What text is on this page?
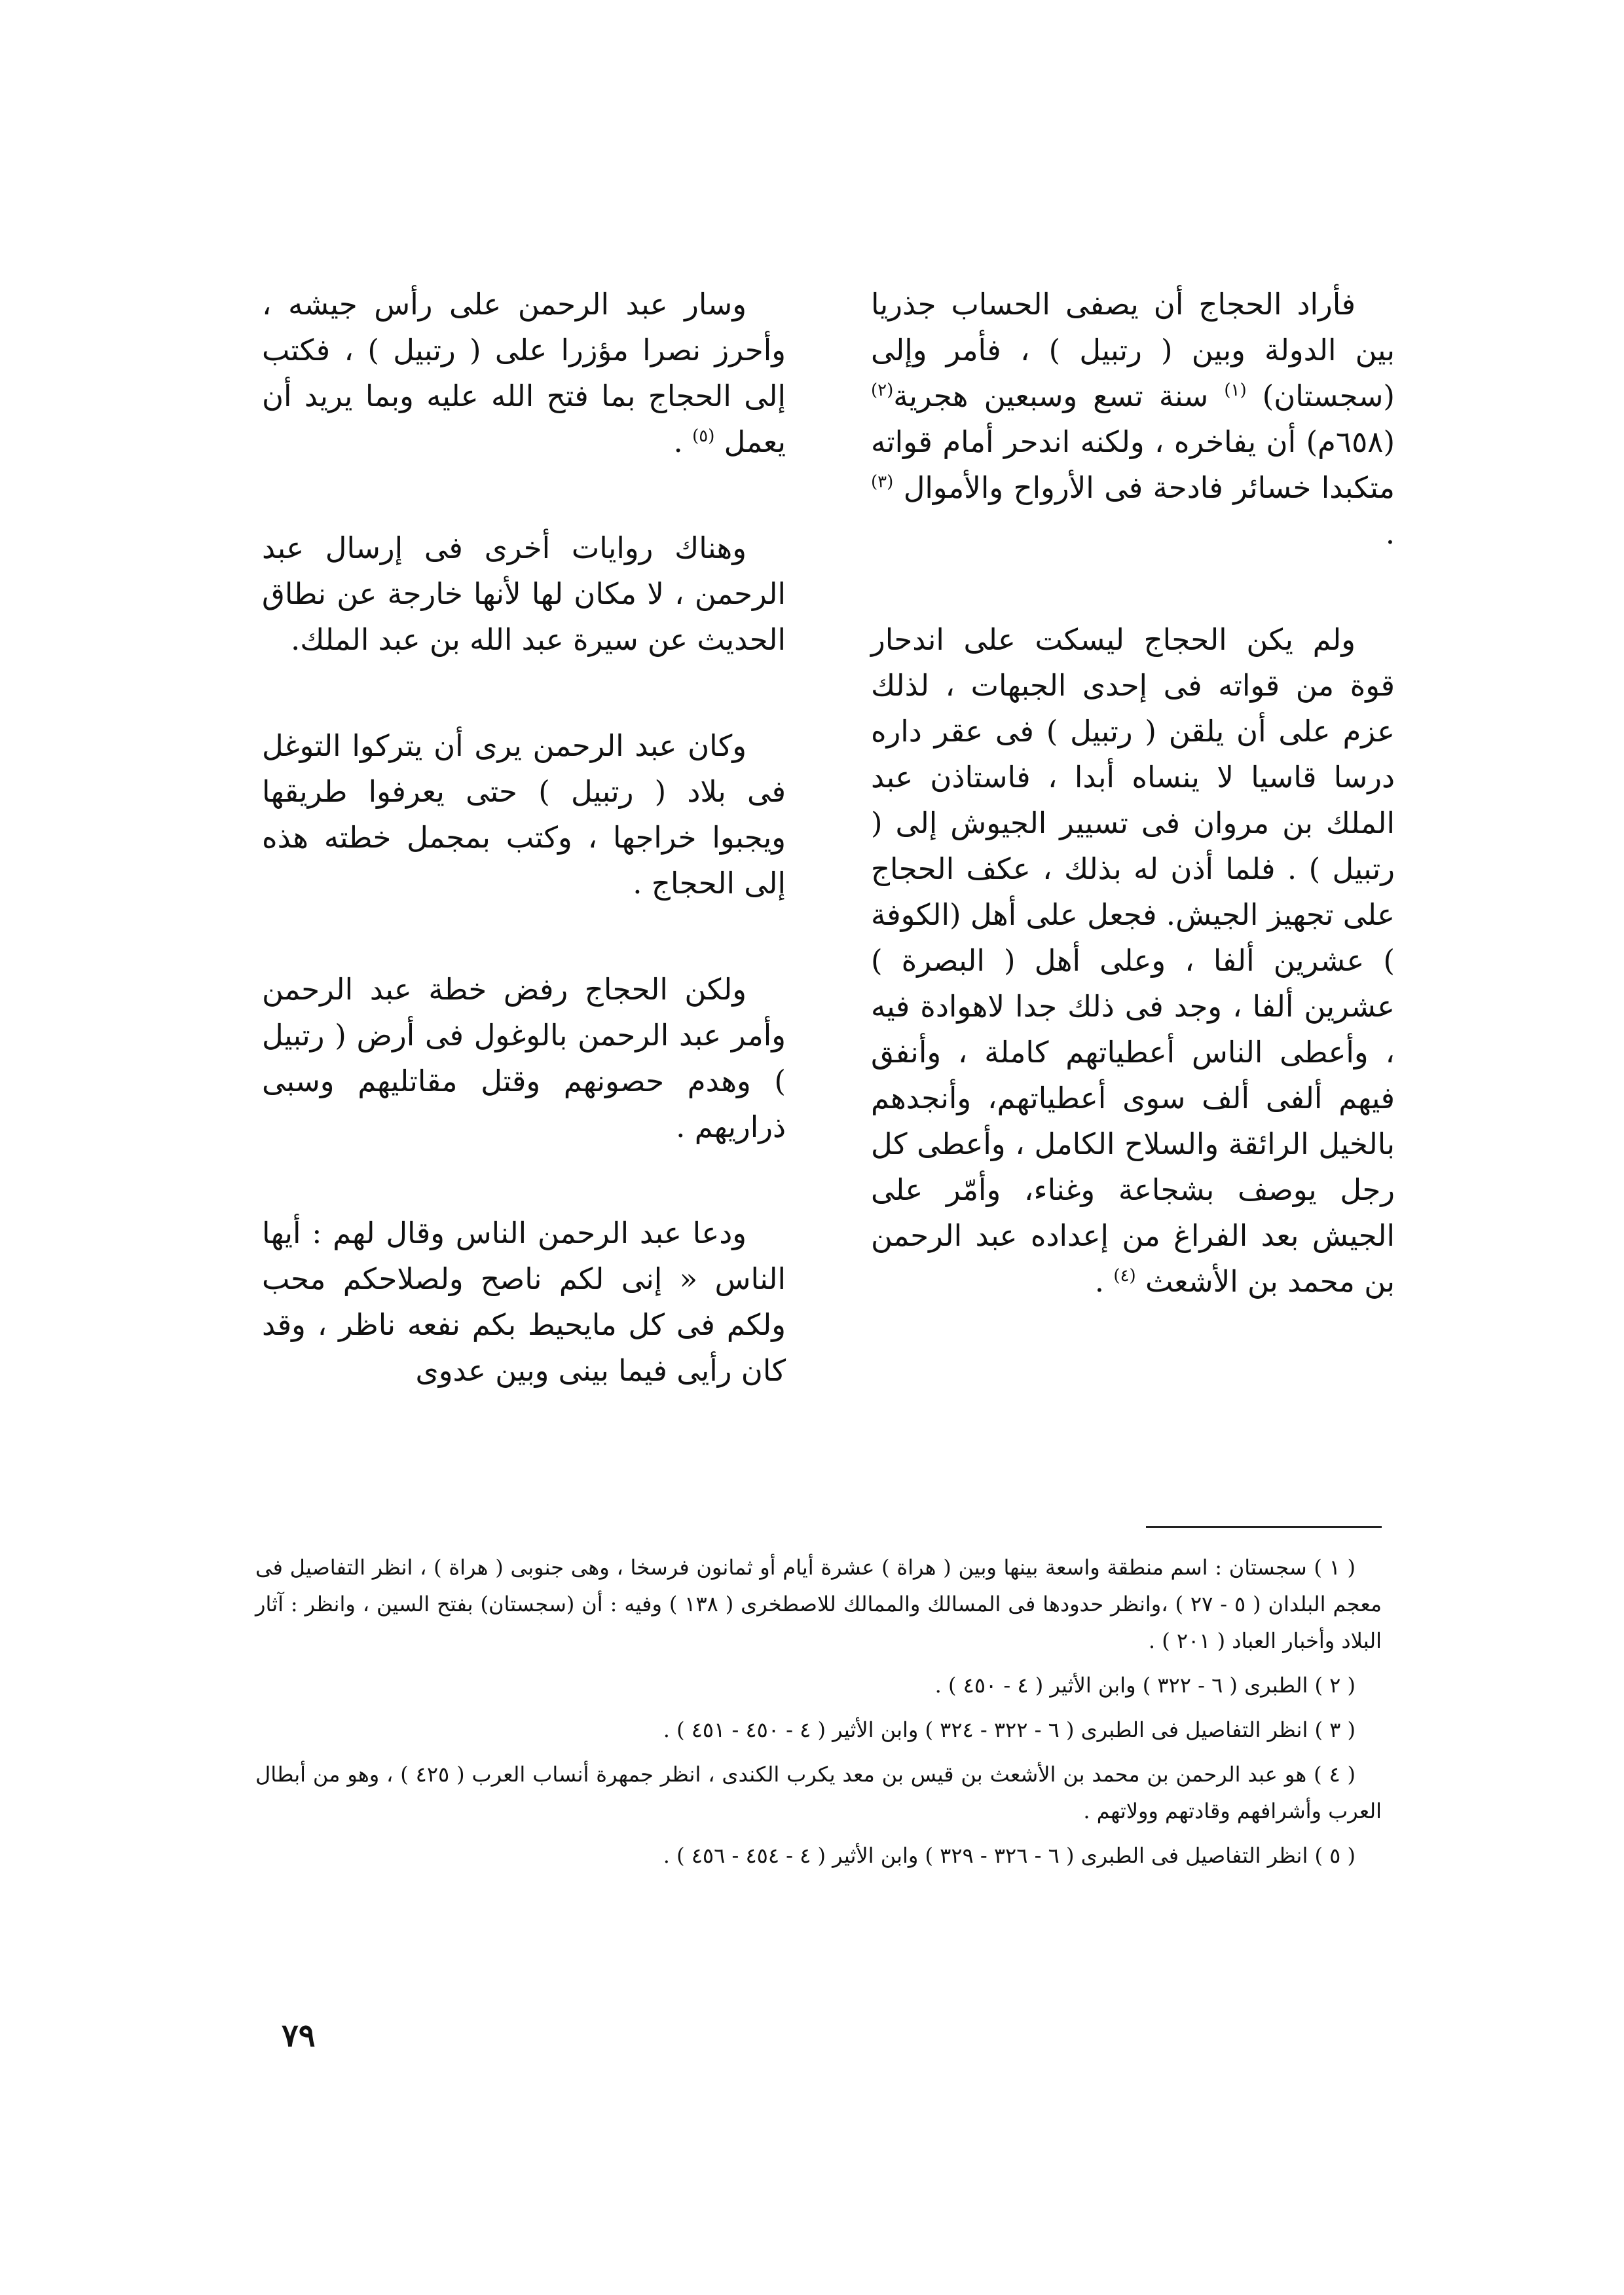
فأراد الحجاج أن يصفى الحساب جذريا بين الدولة وبين ( رتبيل ) ، فأمر وإلى (سجستان) $^{(١)}$ سنة تسع وسبعين هجرية$^{(٢)}$ (٦٥٨م) أن يفاخره ، ولكنه اندحر أمام قواته متكبدا خسائر فادحة فى الأرواح والأموال $^{(٣)}$ .

ولم يكن الحجاج ليسكت على اندحار قوة من قواته فى إحدى الجبهات ، لذلك عزم على أن يلقن ( رتبيل ) فى عقر داره درسا قاسيا لا ينساه أبدا ، فاستاذن عبد الملك بن مروان فى تسيير الجيوش إلى ( رتبيل ) . فلما أذن له بذلك ، عكف الحجاج على تجهيز الجيش. فجعل على أهل (الكوفة ) عشرين ألفا ، وعلى أهل ( البصرة ) عشرين ألفا ، وجد فى ذلك جدا لاهوادة فيه ، وأعطى الناس أعطياتهم كاملة ، وأنفق فيهم ألفى ألف سوى أعطياتهم، وأنجدهم بالخيل الرائقة والسلاح الكامل ، وأعطى كل رجل يوصف بشجاعة وغناء، وأمّر على الجيش بعد الفراغ من إعداده عبد الرحمن بن محمد بن الأشعث $^{(٤)}$ .

وسار عبد الرحمن على رأس جيشه ، وأحرز نصرا مؤزرا على ( رتبيل ) ، فكتب إلى الحجاج بما فتح الله عليه وبما يريد أن يعمل $^{(٥)}$ .

وهناك روايات أخرى فى إرسال عبد الرحمن ، لا مكان لها لأنها خارجة عن نطاق الحديث عن سيرة عبد الله بن عبد الملك.

وكان عبد الرحمن يرى أن يتركوا التوغل فى بلاد ( رتبيل ) حتى يعرفوا طريقها ويجبوا خراجها ، وكتب بمجمل خطته هذه إلى الحجاج .

ولكن الحجاج رفض خطة عبد الرحمن وأمر عبد الرحمن بالوغول فى أرض ( رتبيل ) وهدم حصونهم وقتل مقاتليهم وسبى ذراريهم .

ودعا عبد الرحمن الناس وقال لهم : أيها الناس « إنى لكم ناصح ولصلاحكم محب ولكم فى كل مايحيط بكم نفعه ناظر ، وقد كان رأيى فيما بينى وبين عدوى

( ١ ) سجستان : اسم منطقة واسعة بينها وبين ( هراة ) عشرة أيام أو ثمانون فرسخا ، وهى جنوبى ( هراة ) ، انظر التفاصيل فى معجم البلدان ( ٥ - ٢٧ ) ،وانظر حدودها فى المسالك والممالك للاصطخرى ( ١٣٨ ) وفيه : أن (سجستان) بفتح السين ، وانظر : آثار البلاد وأخبار العباد ( ٢٠١ ) .

( ٢ ) الطبرى ( ٦ - ٣٢٢ ) وابن الأثير ( ٤ - ٤٥٠ ) .

( ٣ ) انظر التفاصيل فى الطبرى ( ٦ - ٣٢٢ - ٣٢٤ ) وابن الأثير ( ٤ - ٤٥٠ - ٤٥١ ) .

( ٤ ) هو عبد الرحمن بن محمد بن الأشعث بن قيس بن معد يكرب الكندى ، انظر جمهرة أنساب العرب ( ٤٢٥ ) ، وهو من أبطال العرب وأشرافهم وقادتهم وولاتهم .

( ٥ ) انظر التفاصيل فى الطبرى ( ٦ - ٣٢٦ - ٣٢٩ ) وابن الأثير ( ٤ - ٤٥٤ - ٤٥٦ ) .

٧٩
